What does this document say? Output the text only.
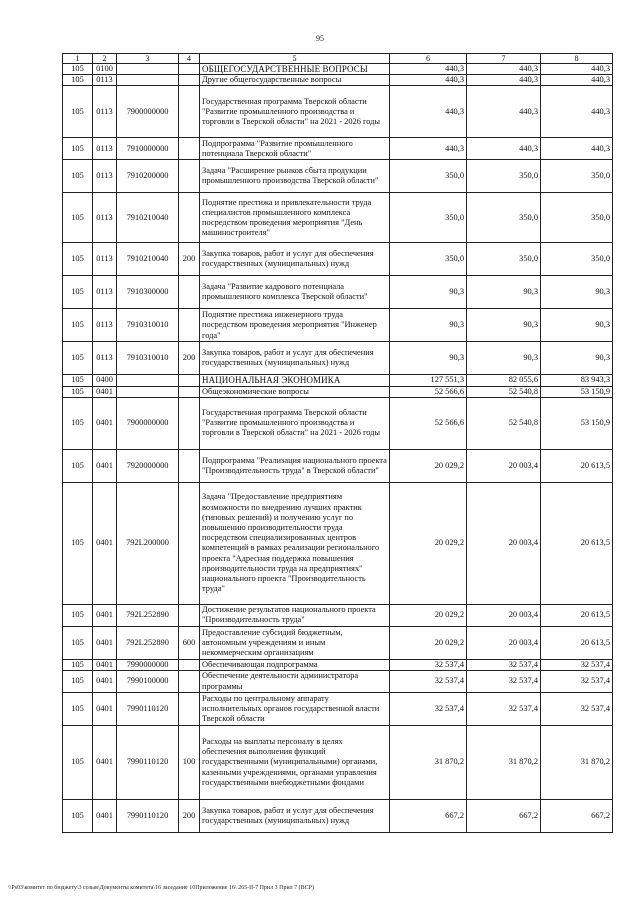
95
1	2	3	4	5	6	7	8
105	0100			ОБЩЕГОСУДАРСТВЕННЫЕ ВОПРОСЫ	440,3	440,3	440,3
105	0113			Другие общегосударственные вопросы	440,3	440,3	440,3
105	0113	7900000000		Государственная программа Тверской области "Развитие промышленного производства и торговли в Тверской области" на 2021 - 2026 годы	440,3	440,3	440,3
105	0113	7910000000		Подпрограмма "Развитие промышленного потенциала Тверской области"	440,3	440,3	440,3
105	0113	7910200000		Задача "Расширение рынков сбыта продукции промышленного производства Тверской области"	350,0	350,0	350,0
105	0113	7910210040		Поднятие престижа и привлекательности труда специалистов промышленного комплекса посредством проведения мероприятия "День машиностроителя"	350,0	350,0	350,0
105	0113	7910210040	200	Закупка товаров, работ и услуг для обеспечения государственных (муниципальных) нужд	350,0	350,0	350,0
105	0113	7910300000		Задача "Развитие кадрового потенциала промышленного комплекса Тверской области"	90,3	90,3	90,3
105	0113	7910310010		Поднятие престижа инженерного труда посредством проведения мероприятия "Инженер года"	90,3	90,3	90,3
105	0113	7910310010	200	Закупка товаров, работ и услуг для обеспечения государственных (муниципальных) нужд	90,3	90,3	90,3
105	0400			НАЦИОНАЛЬНАЯ ЭКОНОМИКА	127 551,3	82 055,6	83 943,3
105	0401			Общеэкономические вопросы	52 566,6	52 540,8	53 150,9
105	0401	7900000000		Государственная программа Тверской области "Развитие промышленного производства и торговли в Тверской области" на 2021 - 2026 годы	52 566,6	52 540,8	53 150,9
105	0401	7920000000		Подпрограмма "Реализация национального проекта "Производительность труда" в Тверской области"	20 029,2	20 003,4	20 613,5
105	0401	792L200000		Задача "Предоставление предприятиям возможности по внедрению лучших практик (типовых решений) и получению услуг по повышению производительности труда посредством специализированных центров компетенций в рамках реализации регионального проекта "Адресная поддержка повышения производительности труда на предприятиях" национального проекта "Производительность труда"	20 029,2	20 003,4	20 613,5
105	0401	792L252890		Достижение результатов национального проекта "Производительность труда"	20 029,2	20 003,4	20 613,5
105	0401	792L252890	600	Предоставление субсидий бюджетным, автономным учреждениям и иным некоммерческим организациям	20 029,2	20 003,4	20 613,5
105	0401	7990000000		Обеспечивающая подпрограмма	32 537,4	32 537,4	32 537,4
105	0401	7990100000		Обеспечение деятельности администратора программы	32 537,4	32 537,4	32 537,4
105	0401	7990110120		Расходы по центральному аппарату исполнительных органов государственной власти Тверской области	32 537,4	32 537,4	32 537,4
105	0401	7990110120	100	Расходы на выплаты персоналу в целях обеспечения выполнения функций государственными (муниципальными) органами, казенными учреждениями, органами управления государственными внебюджетными фондами	31 870,2	31 870,2	31 870,2
105	0401	7990110120	200	Закупка товаров, работ и услуг для обеспечения государственных (муниципальных) нужд	667,2	667,2	667,2
\\Ps03\комитет по бюджету\3 созыв\Документы комитета\16 заседание 10Приложение 16\ 265-II-7 Прил 3 Прил 7 (ВСР)
